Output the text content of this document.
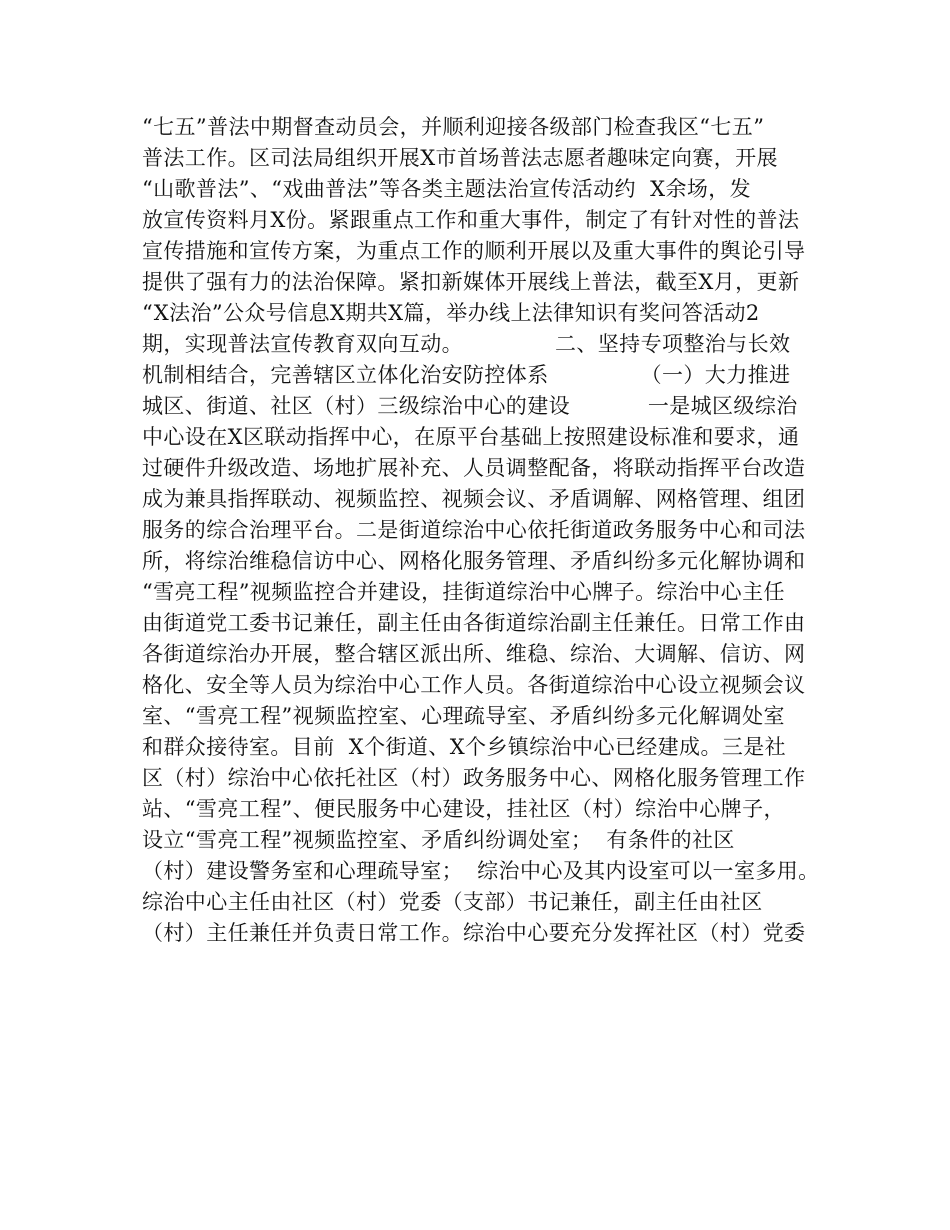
“七五”普法中期督查动员会，并顺利迎接各级部门检查我区“七五”
普法工作。区司法局组织开展X市首场普法志愿者趣味定向赛，开展
“山歌普法”、“戏曲普法”等各类主题法治宣传活动约  X余场，发
放宣传资料月X份。紧跟重点工作和重大事件，制定了有针对性的普法
宣传措施和宣传方案，为重点工作的顺利开展以及重大事件的舆论引导
提供了强有力的法治保障。紧扣新媒体开展线上普法，截至X月，更新
“X法治”公众号信息X期共X篇，举办线上法律知识有奖问答活动2
期，实现普法宣传教育双向互动。             二、坚持专项整治与长效
机制相结合，完善辖区立体化治安防控体系             （一）大力推进
城区、街道、社区（村）三级综治中心的建设           一是城区级综治
中心设在X区联动指挥中心，在原平台基础上按照建设标准和要求，通
过硬件升级改造、场地扩展补充、人员调整配备，将联动指挥平台改造
成为兼具指挥联动、视频监控、视频会议、矛盾调解、网格管理、组团
服务的综合治理平台。二是街道综治中心依托街道政务服务中心和司法
所，将综治维稳信访中心、网格化服务管理、矛盾纠纷多元化解协调和
“雪亮工程”视频监控合并建设，挂街道综治中心牌子。综治中心主任
由街道党工委书记兼任，副主任由各街道综治副主任兼任。日常工作由
各街道综治办开展，整合辖区派出所、维稳、综治、大调解、信访、网
格化、安全等人员为综治中心工作人员。各街道综治中心设立视频会议
室、“雪亮工程”视频监控室、心理疏导室、矛盾纠纷多元化解调处室
和群众接待室。目前  X个街道、X个乡镇综治中心已经建成。三是社
区（村）综治中心依托社区（村）政务服务中心、网格化服务管理工作
站、“雪亮工程”、便民服务中心建设，挂社区（村）综治中心牌子，
设立“雪亮工程”视频监控室、矛盾纠纷调处室；  有条件的社区
（村）建设警务室和心理疏导室；  综治中心及其内设室可以一室多用。
综治中心主任由社区（村）党委（支部）书记兼任，副主任由社区
（村）主任兼任并负责日常工作。综治中心要充分发挥社区（村）党委
